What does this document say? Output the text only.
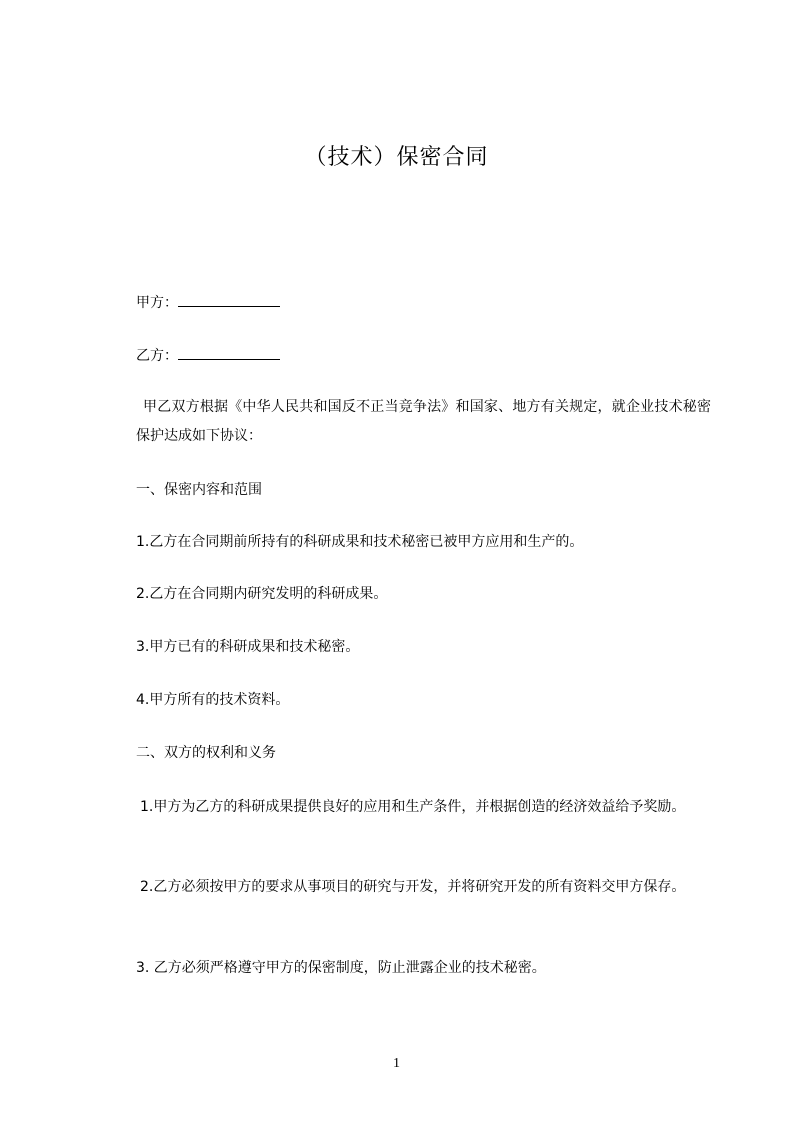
（技术）保密合同
甲方：
乙方：
甲乙双方根据《中华人民共和国反不正当竞争法》和国家、地方有关规定，就企业技术秘密保护达成如下协议：
一、保密内容和范围
1.乙方在合同期前所持有的科研成果和技术秘密已被甲方应用和生产的。
2.乙方在合同期内研究发明的科研成果。
3.甲方已有的科研成果和技术秘密。
4.甲方所有的技术资料。
二、双方的权利和义务
1.甲方为乙方的科研成果提供良好的应用和生产条件，并根据创造的经济效益给予奖励。
2.乙方必须按甲方的要求从事项目的研究与开发，并将研究开发的所有资料交甲方保存。
3. 乙方必须严格遵守甲方的保密制度，防止泄露企业的技术秘密。
1
